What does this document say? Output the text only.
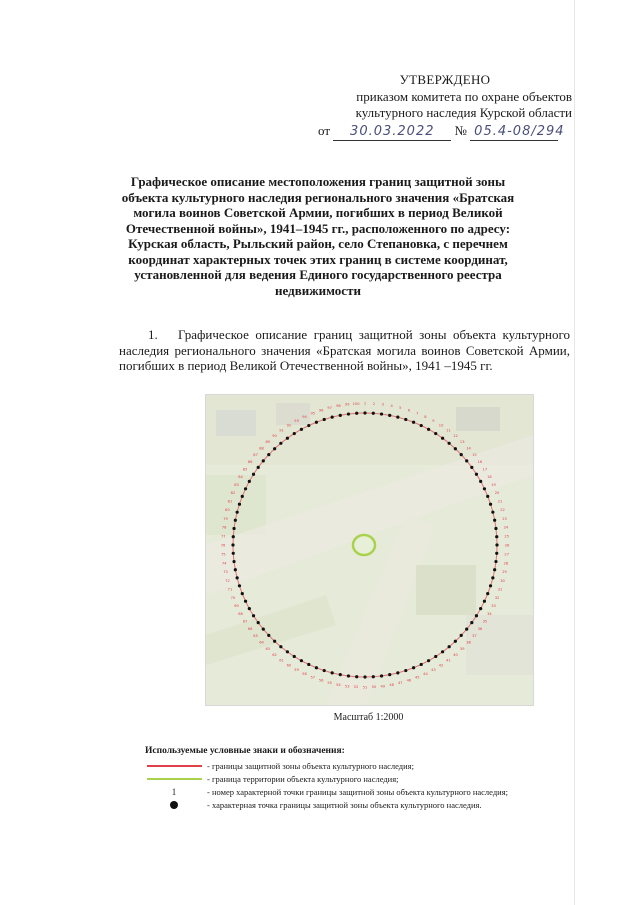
УТВЕРЖДЕНО
приказом комитета по охране объектов
культурного наследия Курской области
от 30.03.2022 № 05.4-08/294
Графическое описание местоположения границ защитной зоны объекта культурного наследия регионального значения «Братская могила воинов Советской Армии, погибших в период Великой Отечественной войны», 1941–1945 гг., расположенного по адресу: Курская область, Рыльский район, село Степановка, с перечнем координат характерных точек этих границ в системе координат, установленной для ведения Единого государственного реестра недвижимости
1. Графическое описание границ защитной зоны объекта культурного наследия регионального значения «Братская могила воинов Советской Армии, погибших в период Великой Отечественной войны», 1941 –1945 гг.
1 2 3 4 5
6
7
8
9
10
11
12
13
14
15
16
17
18
19
20
21
22
23
24
25
26
27
28
29
30
31
32
33
34
35
36
37
38
39
40
41
42
43
44
45
46
47
48
49
50
51
52
53
54
55
56
57
58
59
60
61
62
63
64
65
66
67
68
69
70
71
72
73
74
75
76
77
78
79
80
81
82
83
84
85
86
87
88
89
90
91
92
93
94
95
96
97 98 99 100
Масштаб 1:2000
Используемые условные знаки и обозначения:
- границы защитной зоны объекта культурного наследия;
- граница территории объекта культурного наследия;
1	- номер характерной точки границы защитной зоны объекта культурного наследия;
- характерная точка границы защитной зоны объекта культурного наследия.
